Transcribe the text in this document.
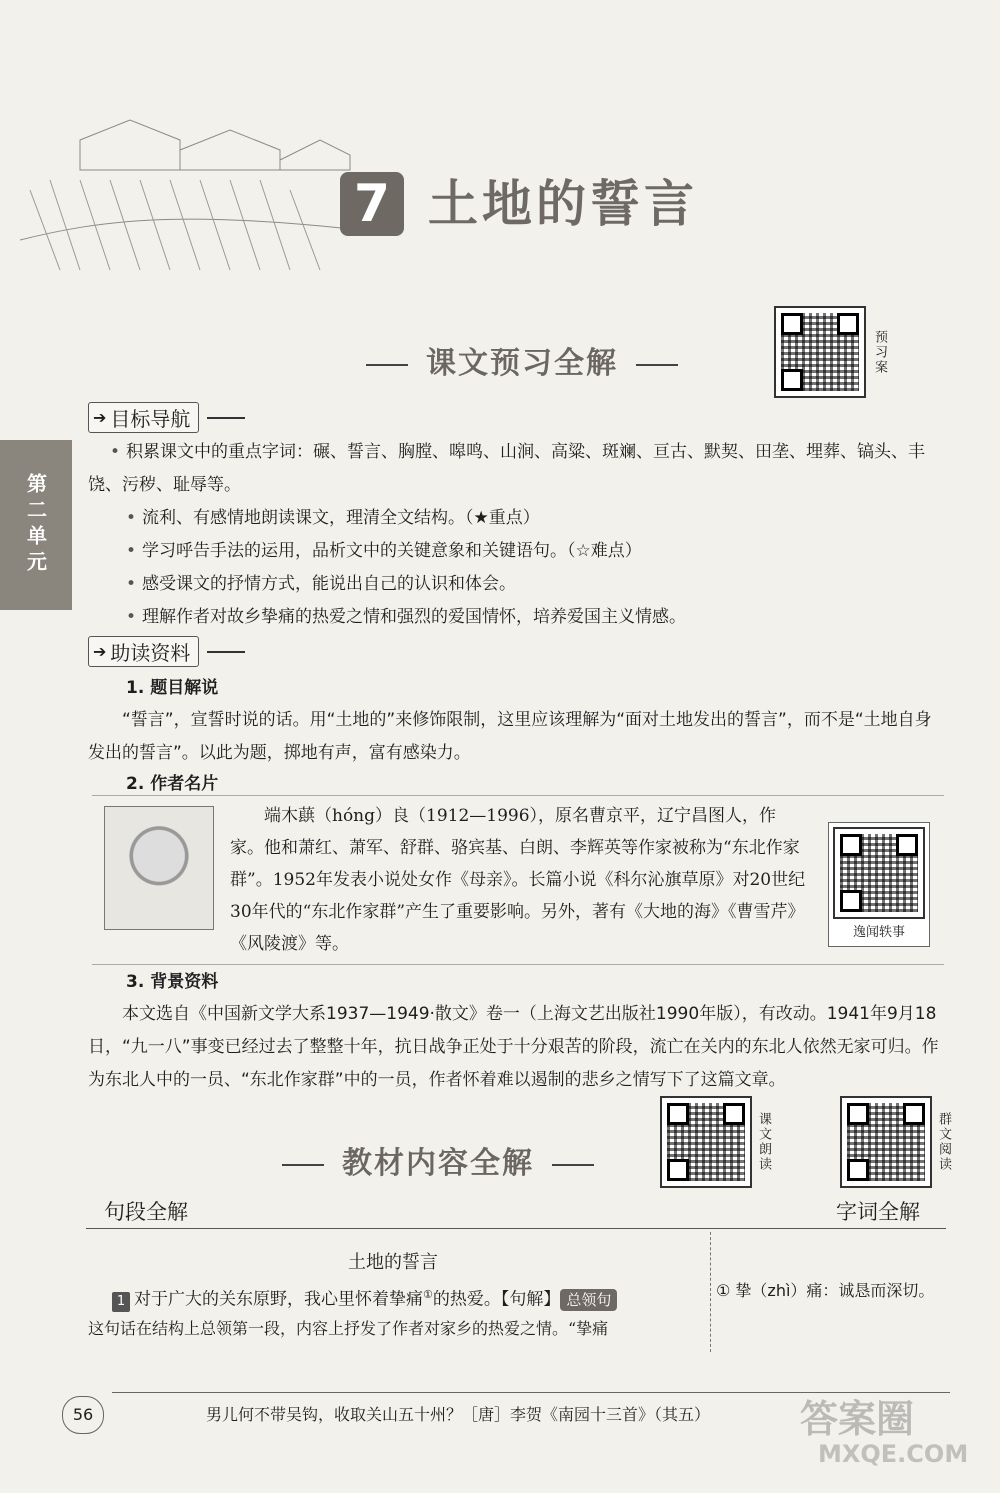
7 土地的誓言
课文预习全解	预习案
第二单元
➔ 目标导航
• 积累课文中的重点字词：碾、誓言、胸膛、嗥鸣、山涧、高粱、斑斓、亘古、默契、田垄、埋葬、镐头、丰饶、污秽、耻辱等。
• 流利、有感情地朗读课文，理清全文结构。（★重点）
• 学习呼告手法的运用，品析文中的关键意象和关键语句。（☆难点）
• 感受课文的抒情方式，能说出自己的认识和体会。
• 理解作者对故乡挚痛的热爱之情和强烈的爱国情怀，培养爱国主义情感。
➔ 助读资料
1. 题目解说
“誓言”，宣誓时说的话。用“土地的”来修饰限制，这里应该理解为“面对土地发出的誓言”，而不是“土地自身发出的誓言”。以此为题，掷地有声，富有感染力。
2. 作者名片
端木蕻（hóng）良（1912—1996），原名曹京平，辽宁昌图人，作家。他和萧红、萧军、舒群、骆宾基、白朗、李辉英等作家被称为“东北作家群”。1952年发表小说处女作《母亲》。长篇小说《科尔沁旗草原》对20世纪30年代的“东北作家群”产生了重要影响。另外，著有《大地的海》《曹雪芹》《风陵渡》等。
逸闻轶事
3. 背景资料
本文选自《中国新文学大系1937—1949·散文》卷一（上海文艺出版社1990年版），有改动。1941年9月18日，“九一八”事变已经过去了整整十年，抗日战争正处于十分艰苦的阶段，流亡在关内的东北人依然无家可归。作为东北人中的一员、“东北作家群”中的一员，作者怀着难以遏制的悲乡之情写下了这篇文章。
课文朗读	群文阅读
教材内容全解
句段全解	字词全解
土地的誓言
1 对于广大的关东原野，我心里怀着挚痛①的热爱。【句解】 总领句
这句话在结构上总领第一段，内容上抒发了作者对家乡的热爱之情。“挚痛
① 挚（zhì）痛：诚恳而深切。
56	男儿何不带吴钩，收取关山五十州？［唐］李贺《南园十三首》（其五） 答案圈
MXQE.COM
